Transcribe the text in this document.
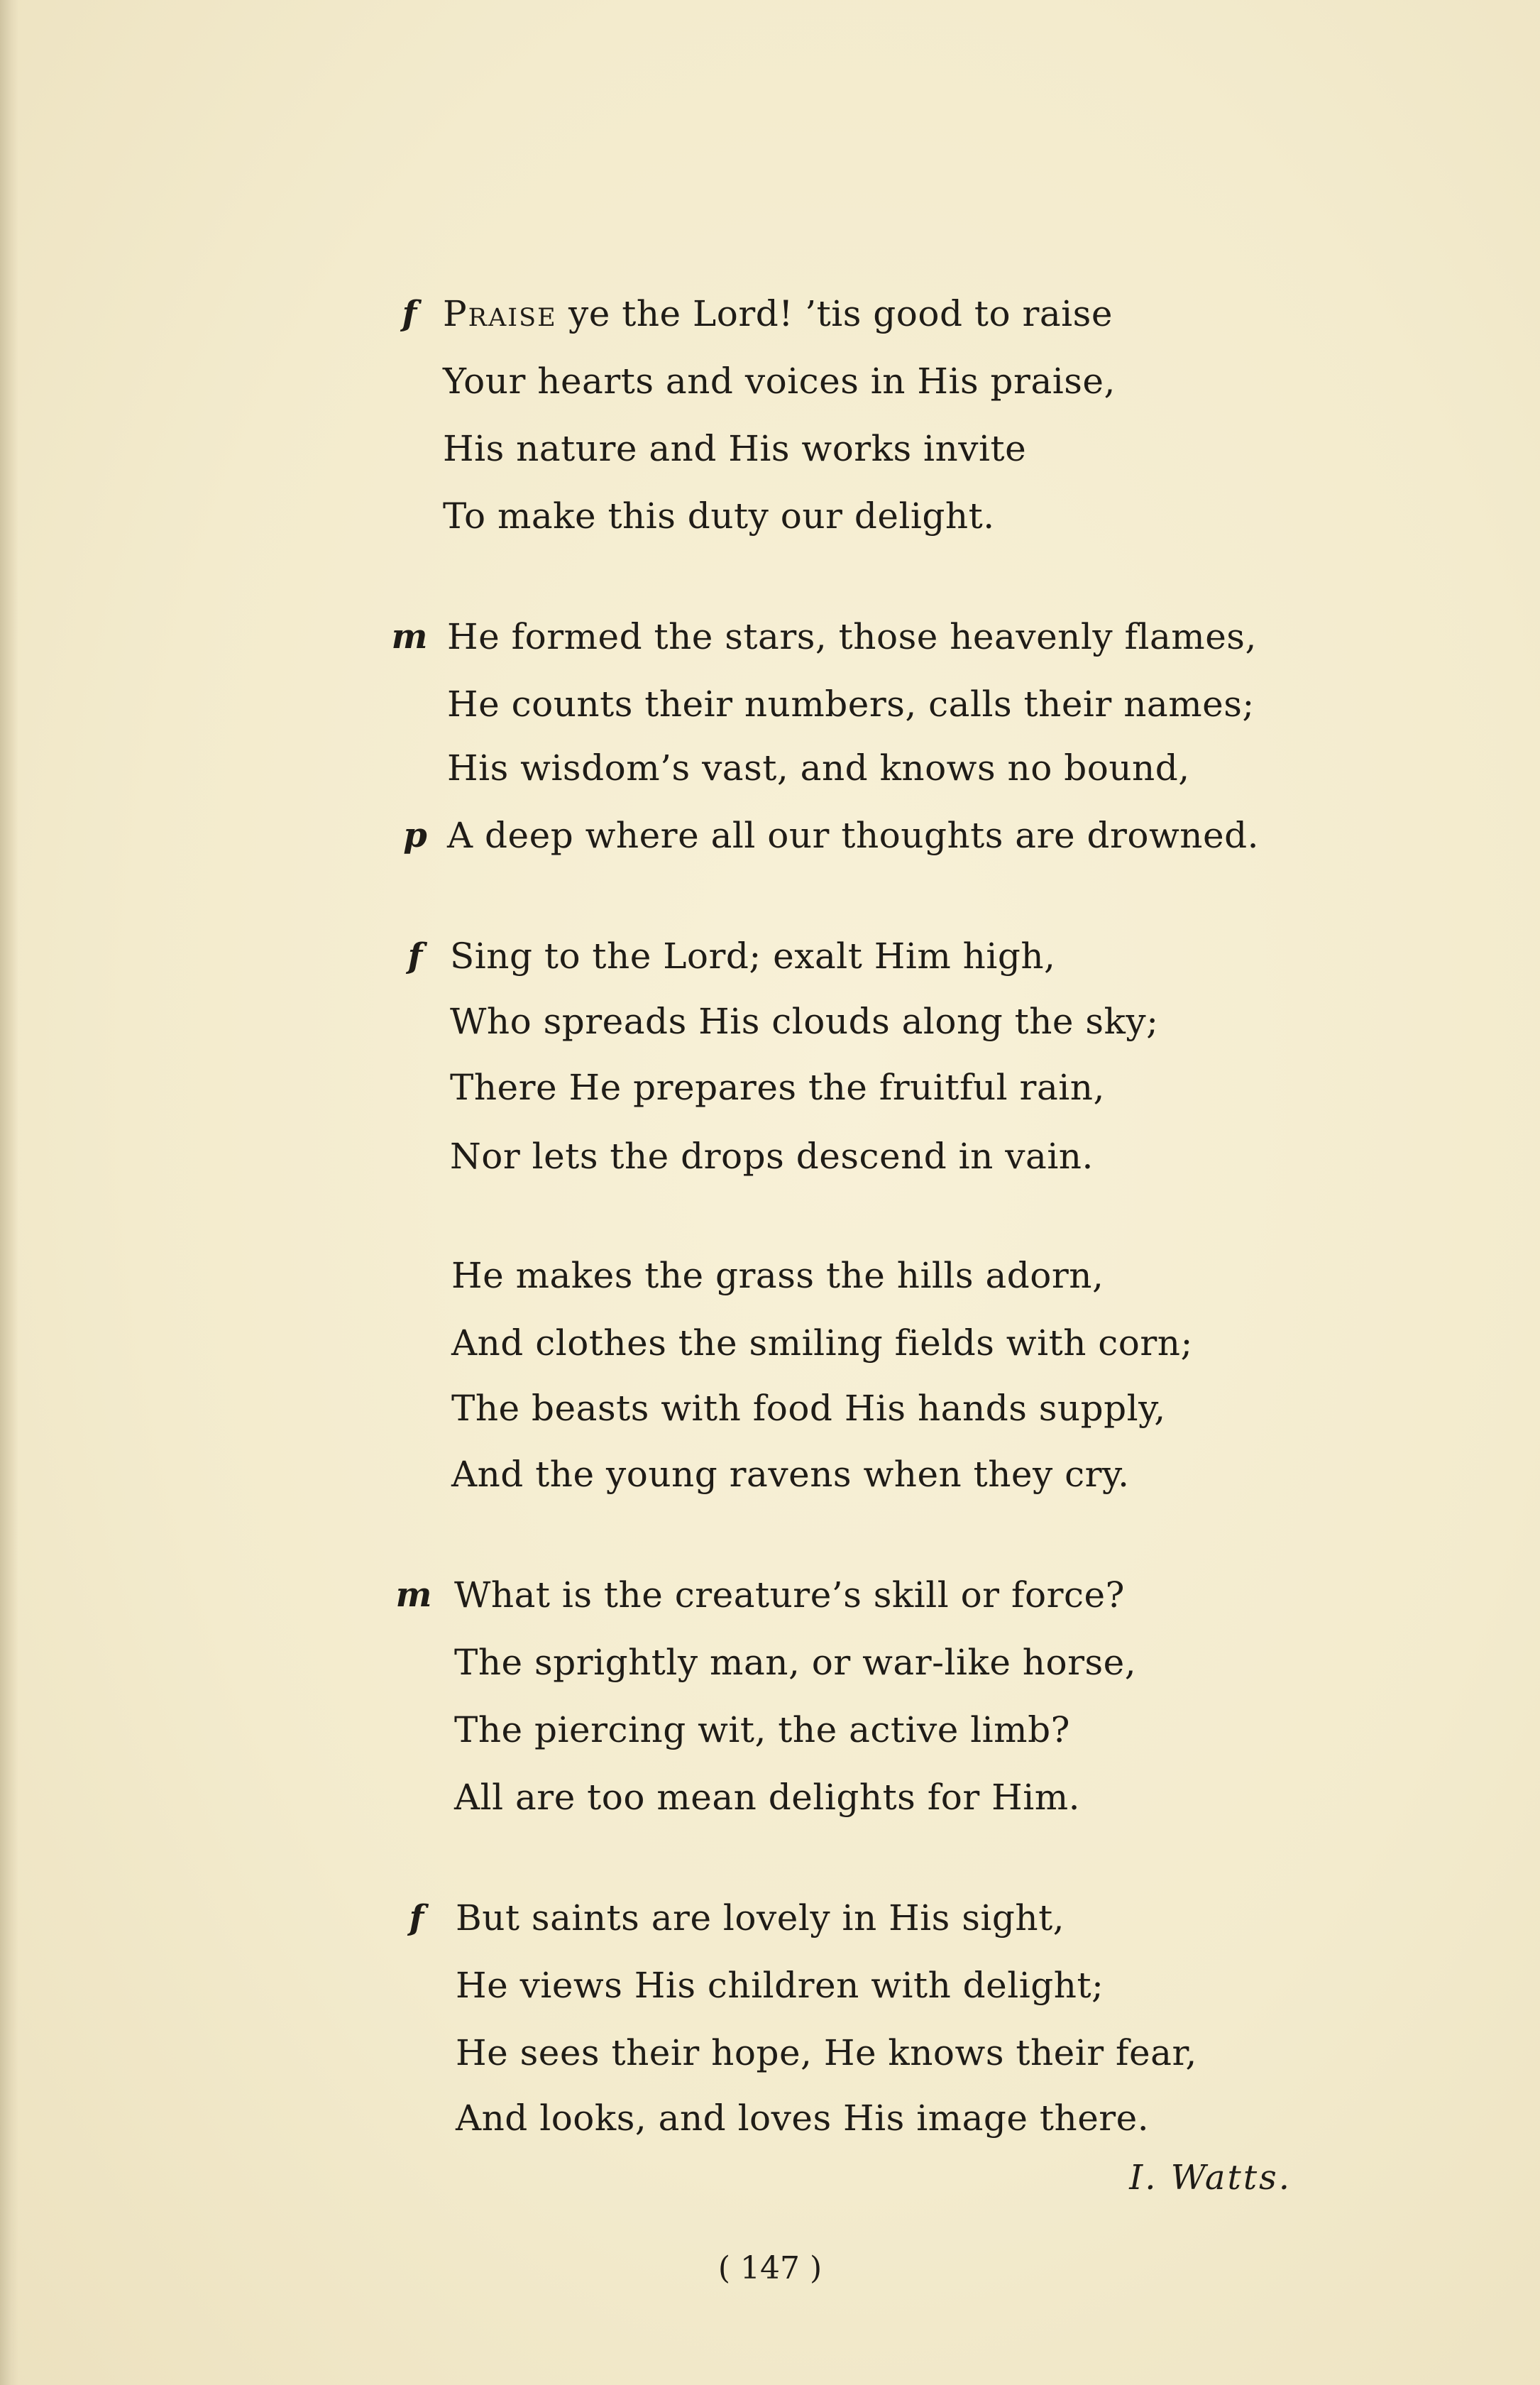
f Praise ye the Lord! ’tis good to raise
Your hearts and voices in His praise,
His nature and His works invite
To make this duty our delight.
m He formed the stars, those heavenly flames,
He counts their numbers, calls their names;
His wisdom’s vast, and knows no bound,
p A deep where all our thoughts are drowned.
f Sing to the Lord; exalt Him high,
Who spreads His clouds along the sky;
There He prepares the fruitful rain,
Nor lets the drops descend in vain.
He makes the grass the hills adorn,
And clothes the smiling fields with corn;
The beasts with food His hands supply,
And the young ravens when they cry.
m What is the creature’s skill or force?
The sprightly man, or war-like horse,
The piercing wit, the active limb?
All are too mean delights for Him.
f But saints are lovely in His sight,
He views His children with delight;
He sees their hope, He knows their fear,
And looks, and loves His image there.
I. Watts.
( 147 )
